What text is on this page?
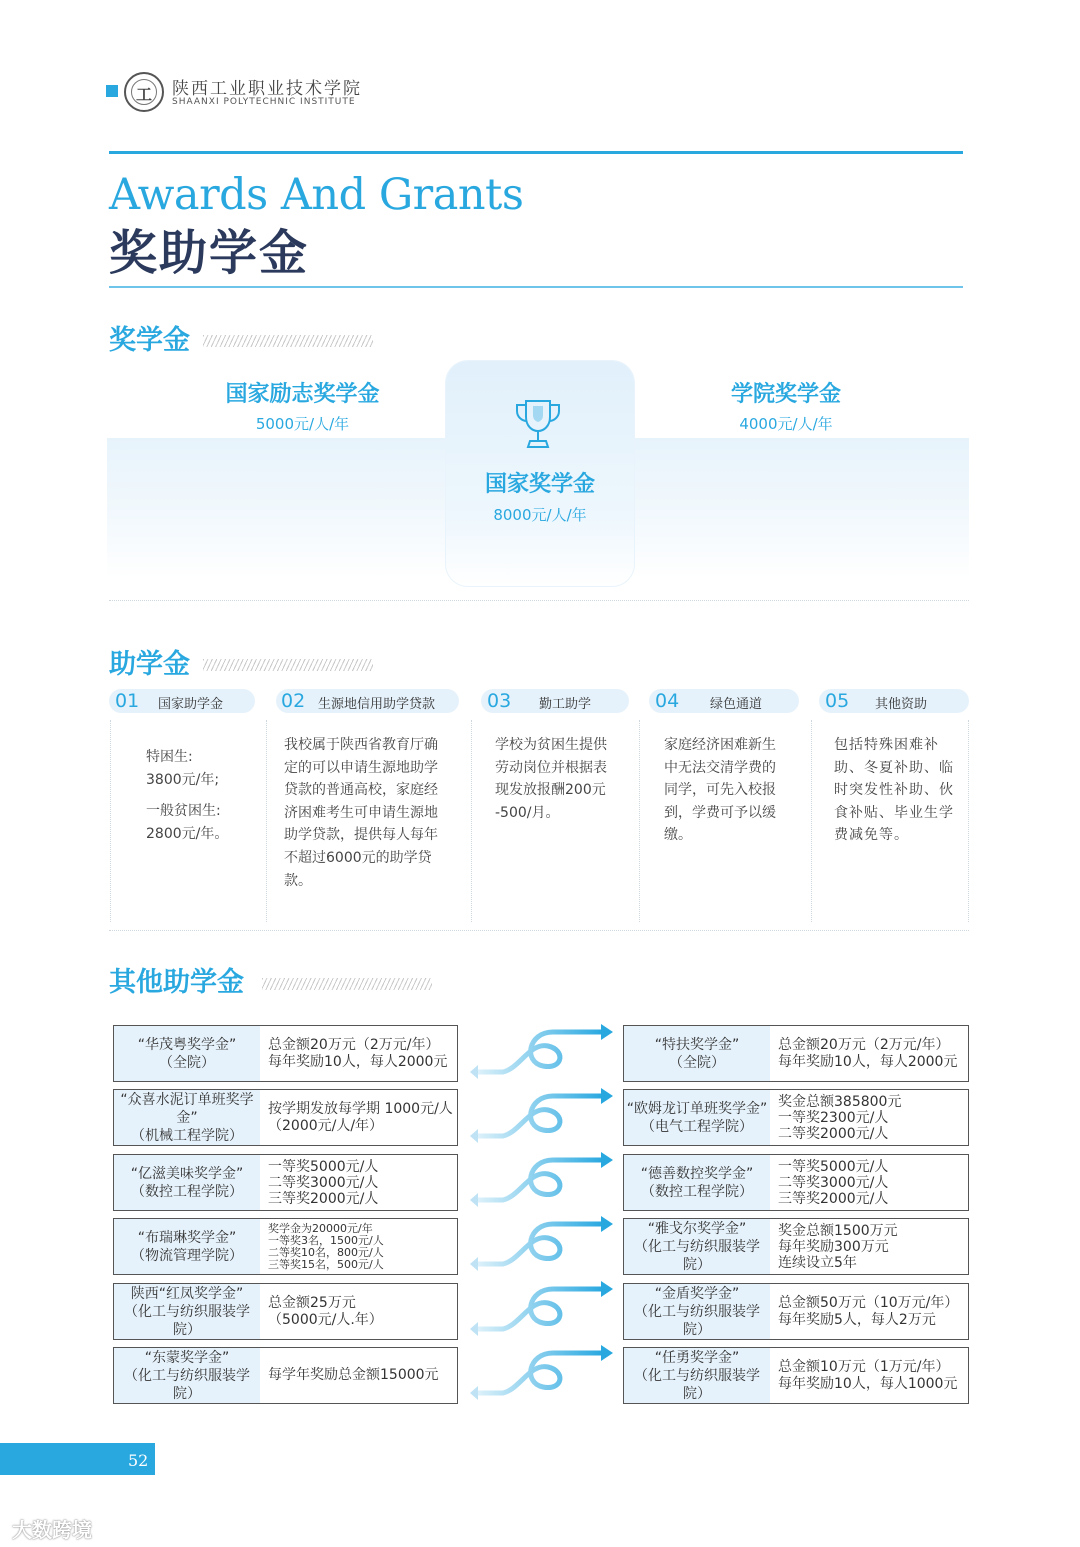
工	陕西工业职业技术学院
SHAANXI POLYTECHNIC INSTITUTE
Awards And Grants
奖助学金
奖学金
国家励志奖学金
5000元/人/年
国家奖学金
8000元/人/年
学院奖学金
4000元/人/年
助学金
01 国家助学金	02 生源地信用助学贷款	03 勤工助学	04 绿色通道	05 其他资助
特困生:
3800元/年;
一般贫困生:
2800元/年。
我校属于陕西省教育厅确
定的可以申请生源地助学
贷款的普通高校，家庭经
济困难考生可申请生源地
助学贷款，提供每人每年
不超过6000元的助学贷
款。
学校为贫困生提供
劳动岗位并根据表
现发放报酬200元
-500/月。
家庭经济困难新生
中无法交清学费的
同学，可先入校报
到，学费可予以缓
缴。
包括特殊困难补
助、冬夏补助、临
时突发性补助、伙
食补贴、毕业生学
费减免等。
其他助学金
“华茂粤奖学金”
（全院）
总金额20万元（2万元/年）
每年奖励10人，每人2000元
“众喜水泥订单班奖学金”
（机械工程学院）
按学期发放每学期 1000元/人
（2000元/人/年）
“亿滋美味奖学金”
（数控工程学院）
一等奖5000元/人
二等奖3000元/人
三等奖2000元/人
“布瑞琳奖学金”
（物流管理学院）
奖学金为20000元/年
一等奖3名，1500元/人
二等奖10名，800元/人
三等奖15名，500元/人
陕西“红凤奖学金”
（化工与纺织服装学院）
总金额25万元
（5000元/人.年）
“东蒙奖学金”
（化工与纺织服装学院）
每学年奖励总金额15000元
“特扶奖学金”
（全院）
总金额20万元（2万元/年）
每年奖励10人，每人2000元
“欧姆龙订单班奖学金”
（电气工程学院）
奖金总额385800元
一等奖2300元/人
二等奖2000元/人
“德善数控奖学金”
（数控工程学院）
一等奖5000元/人
二等奖3000元/人
三等奖2000元/人
“雅戈尔奖学金”
（化工与纺织服装学院）
奖金总额1500万元
每年奖励300万元
连续设立5年
“金盾奖学金”
（化工与纺织服装学院）
总金额50万元（10万元/年）
每年奖励5人，每人2万元
“任勇奖学金”
（化工与纺织服装学院）
总金额10万元（1万元/年）
每年奖励10人，每人1000元
52
大数跨境
